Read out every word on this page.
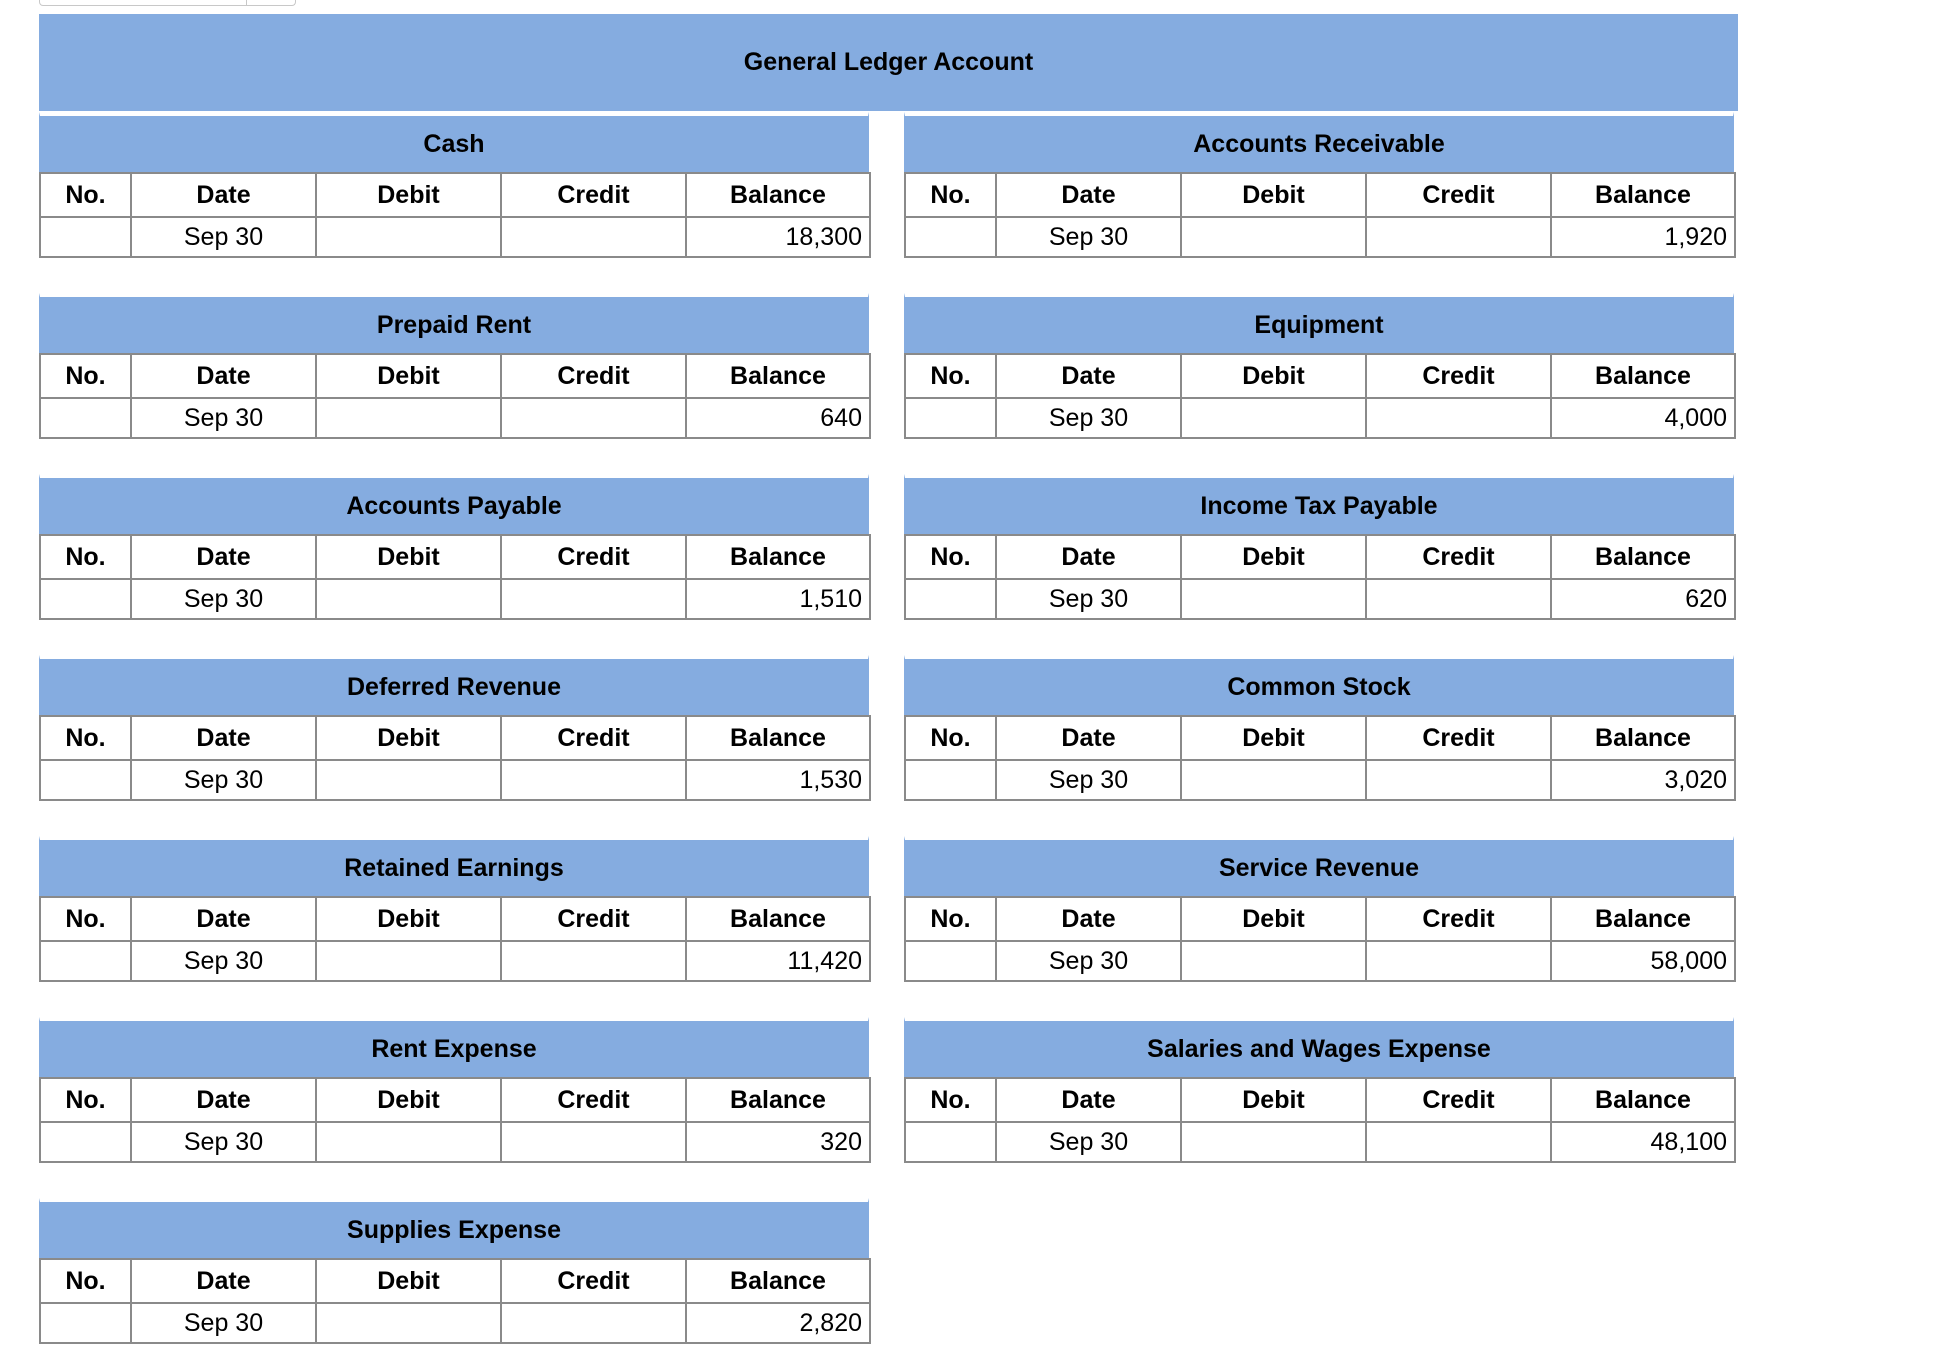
General Ledger Account
Cash
No.	Date	Debit	Credit	Balance
	Sep 30			18,300
Accounts Receivable
No.	Date	Debit	Credit	Balance
	Sep 30			1,920
Prepaid Rent
No.	Date	Debit	Credit	Balance
	Sep 30			640
Equipment
No.	Date	Debit	Credit	Balance
	Sep 30			4,000
Accounts Payable
No.	Date	Debit	Credit	Balance
	Sep 30			1,510
Income Tax Payable
No.	Date	Debit	Credit	Balance
	Sep 30			620
Deferred Revenue
No.	Date	Debit	Credit	Balance
	Sep 30			1,530
Common Stock
No.	Date	Debit	Credit	Balance
	Sep 30			3,020
Retained Earnings
No.	Date	Debit	Credit	Balance
	Sep 30			11,420
Service Revenue
No.	Date	Debit	Credit	Balance
	Sep 30			58,000
Rent Expense
No.	Date	Debit	Credit	Balance
	Sep 30			320
Salaries and Wages Expense
No.	Date	Debit	Credit	Balance
	Sep 30			48,100
Supplies Expense
No.	Date	Debit	Credit	Balance
	Sep 30			2,820
